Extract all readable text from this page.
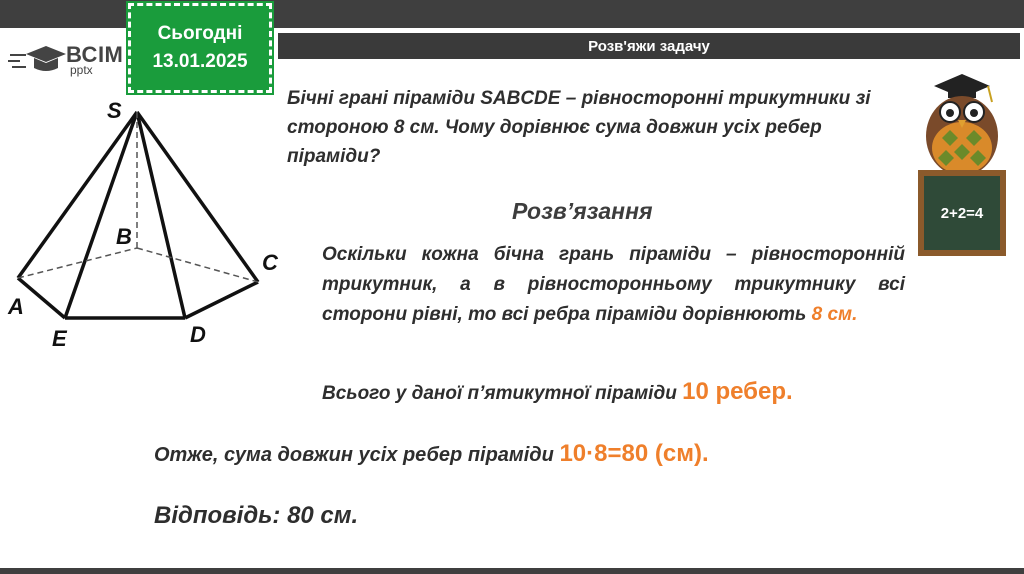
ВСІМ
pptx
Сьогодні
13.01.2025
Розв'яжи задачу
S
B
C
A
E	D
Бічні грані піраміди SABCDE – рівносторонні трикутники зі стороною 8 см. Чому дорівнює сума довжин усіх ребер піраміди?
Розв’язання
Оскільки кожна бічна грань піраміди – рівносторонній трикутник, а в рівносторонньому трикутнику всі сторони рівні, то всі ребра піраміди дорівнюють 8 см.
Всього у даної п’ятикутної піраміди 10 ребер.
Отже, сума довжин усіх ребер піраміди 10·8=80 (см).
Відповідь: 80 см.
2+2=4
